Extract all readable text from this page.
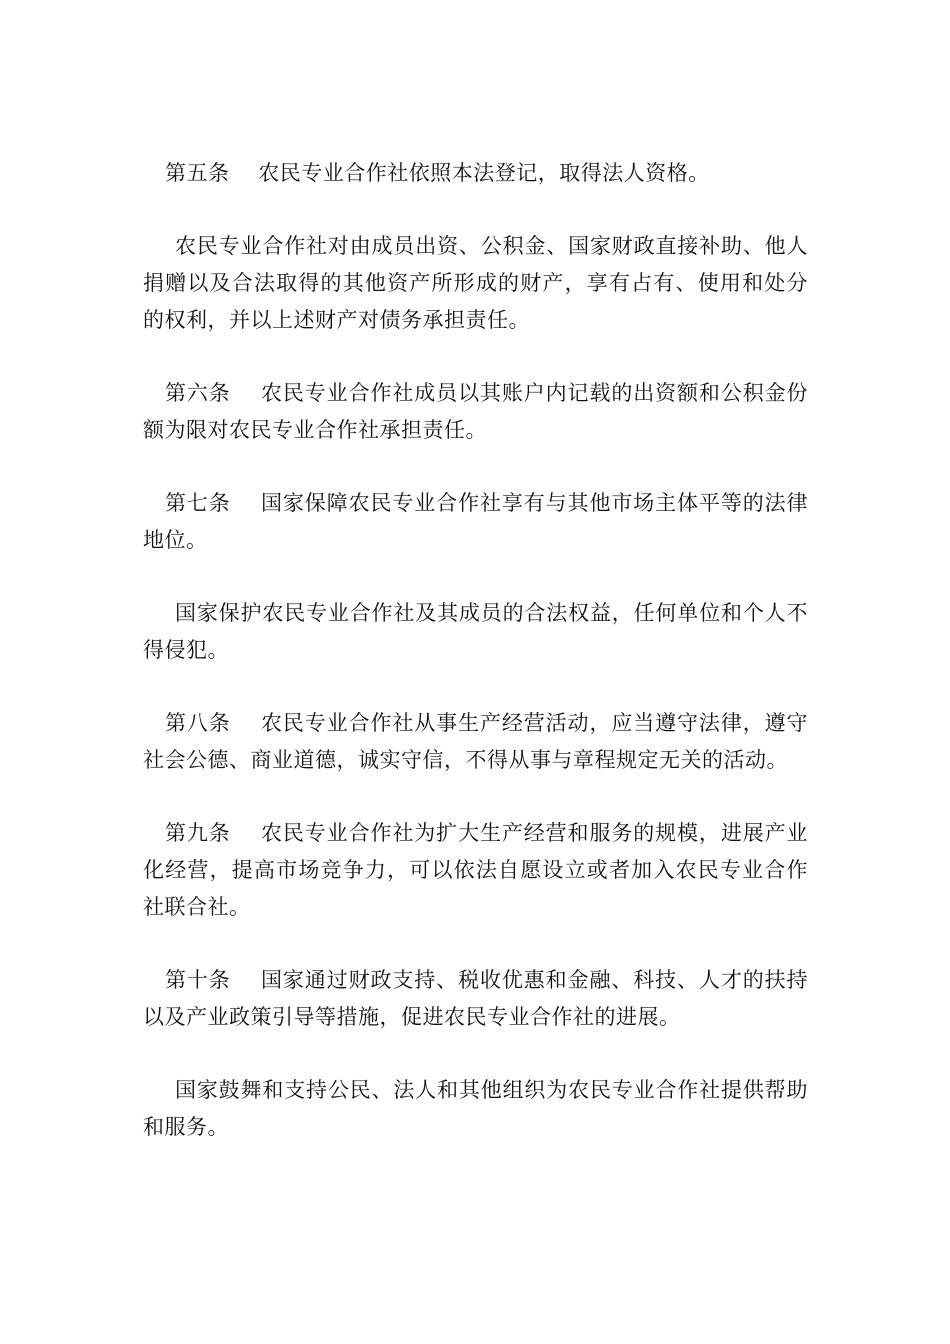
第五条 农民专业合作社依照本法登记，取得法人资格。

农民专业合作社对由成员出资、公积金、国家财政直接补助、他人捐赠以及合法取得的其他资产所形成的财产，享有占有、使用和处分的权利，并以上述财产对债务承担责任。

第六条 农民专业合作社成员以其账户内记载的出资额和公积金份额为限对农民专业合作社承担责任。

第七条 国家保障农民专业合作社享有与其他市场主体平等的法律地位。

国家保护农民专业合作社及其成员的合法权益，任何单位和个人不得侵犯。

第八条 农民专业合作社从事生产经营活动，应当遵守法律，遵守社会公德、商业道德，诚实守信，不得从事与章程规定无关的活动。

第九条 农民专业合作社为扩大生产经营和服务的规模，进展产业化经营，提高市场竞争力，可以依法自愿设立或者加入农民专业合作社联合社。

第十条 国家通过财政支持、税收优惠和金融、科技、人才的扶持以及产业政策引导等措施，促进农民专业合作社的进展。

国家鼓舞和支持公民、法人和其他组织为农民专业合作社提供帮助和服务。
